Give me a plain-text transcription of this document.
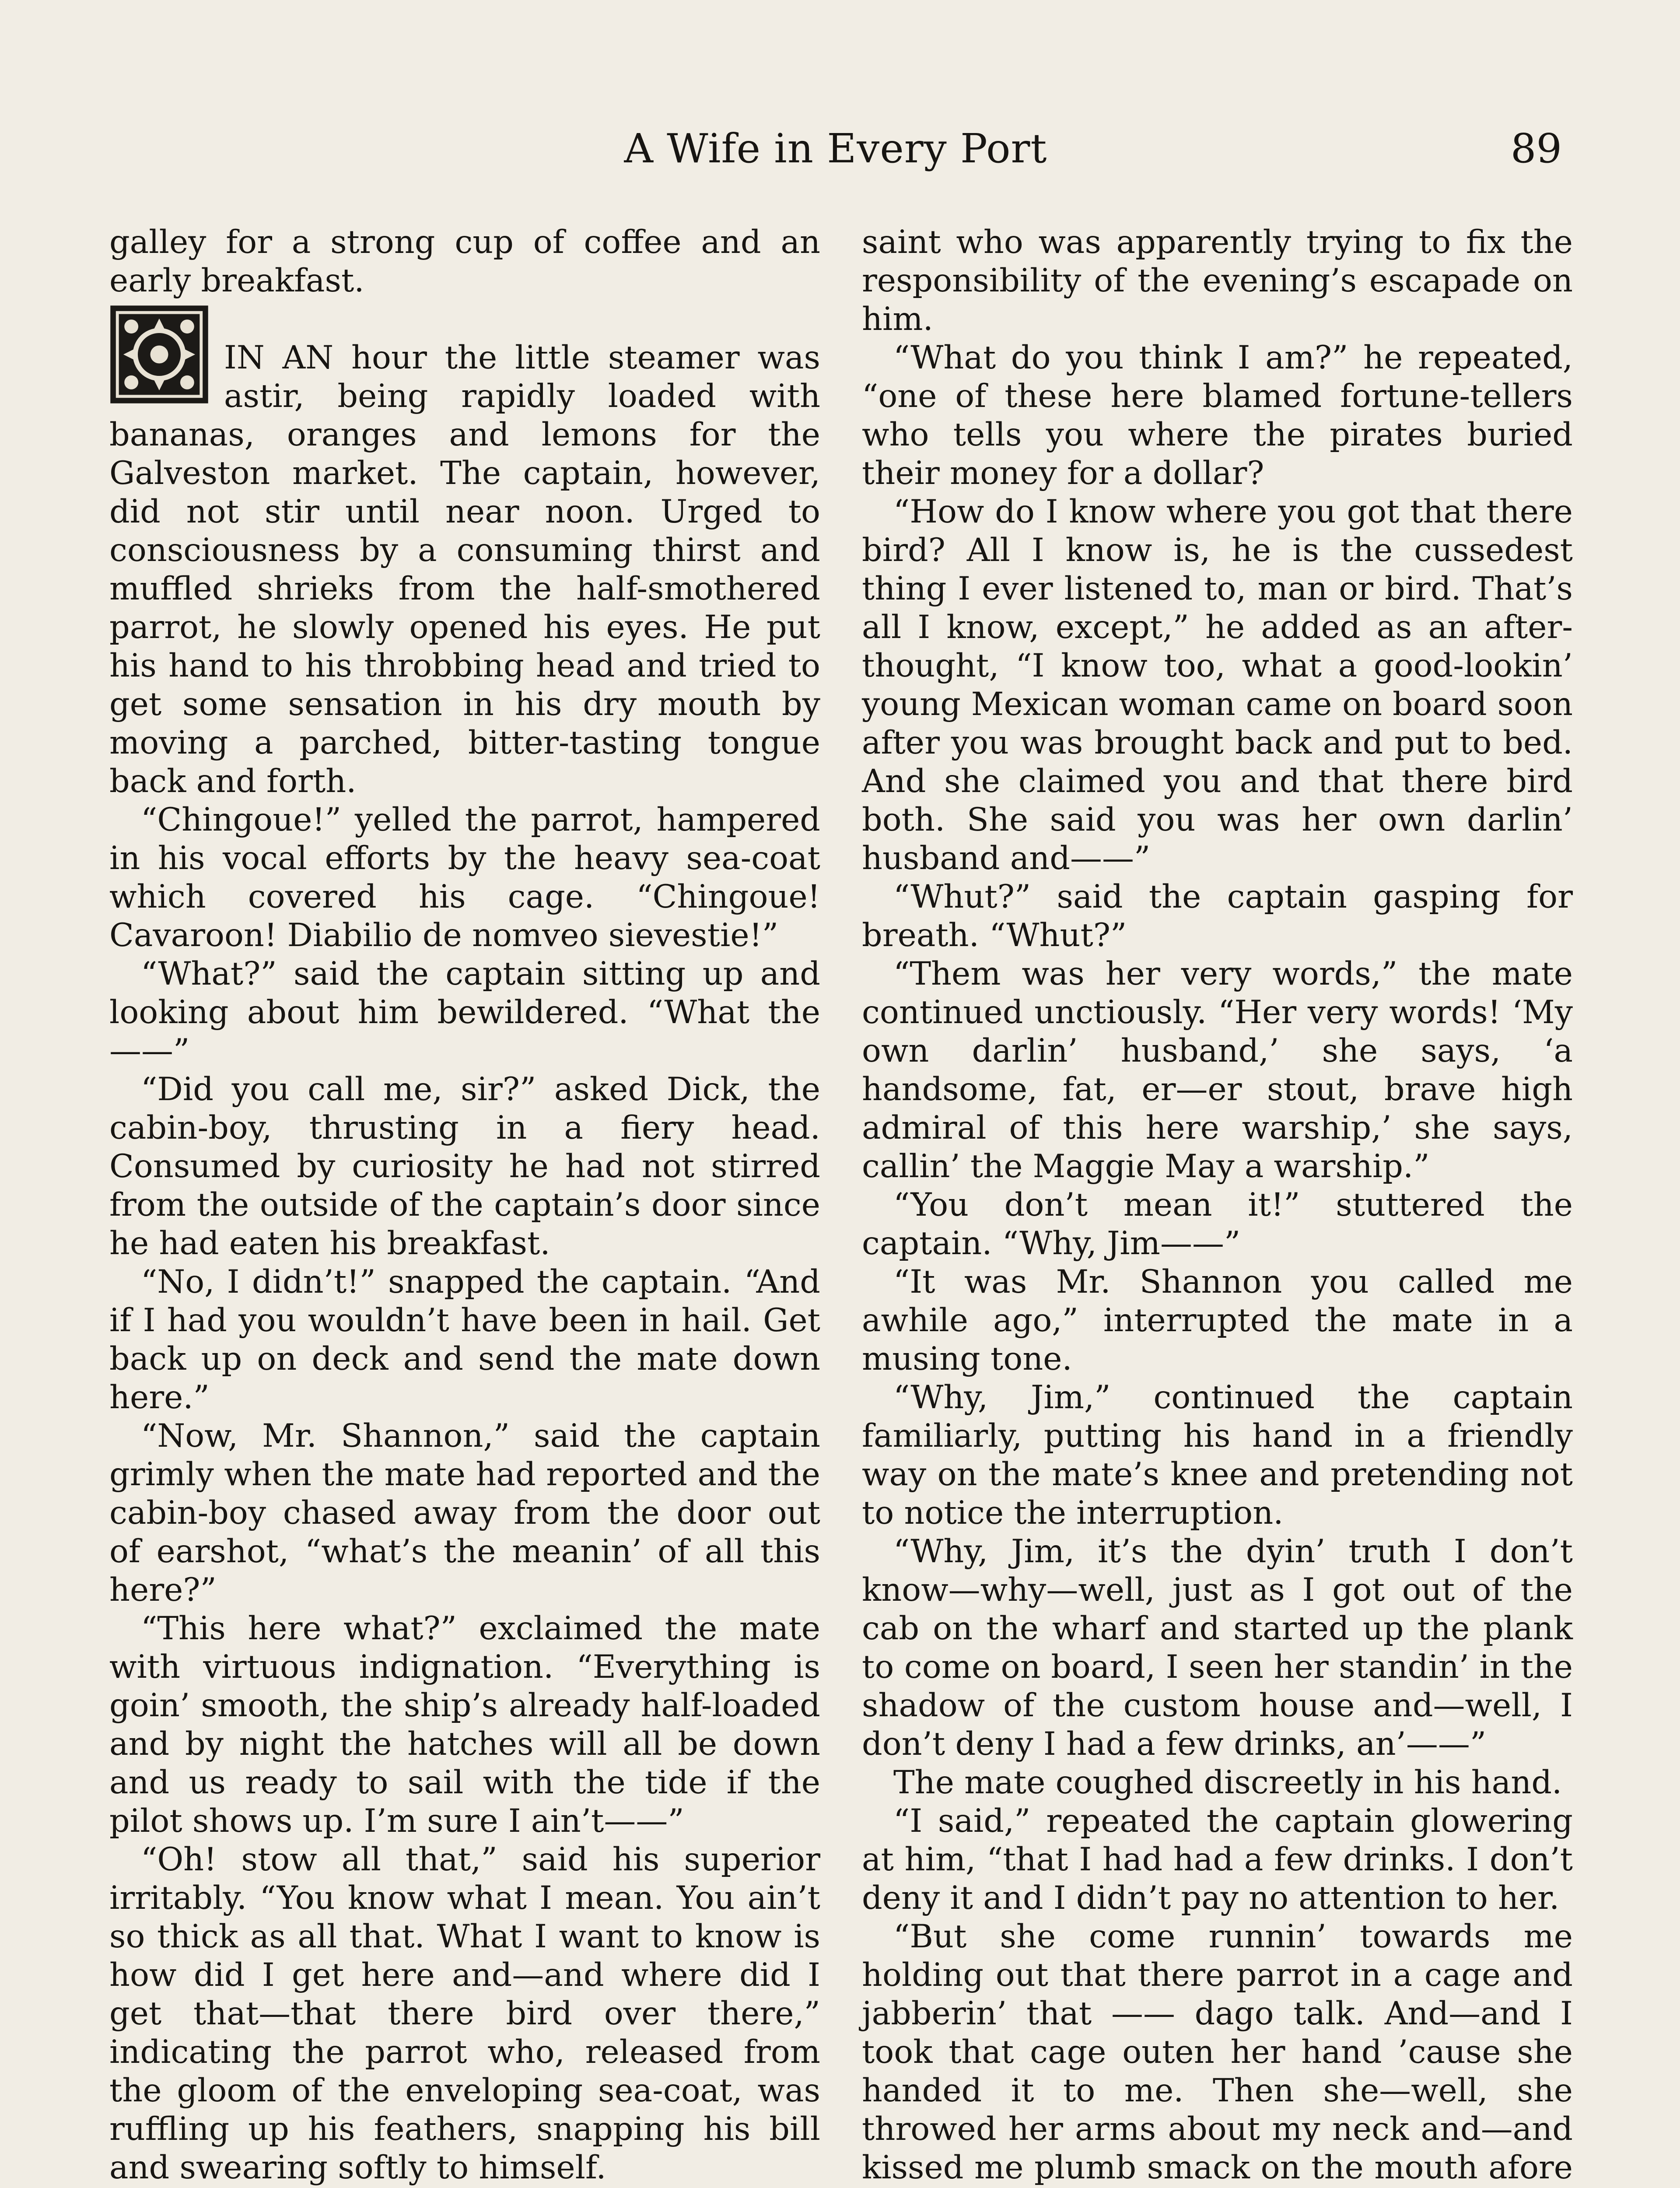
A Wife in Every Port	89

galley for a strong cup of coffee and an early breakfast.

IN AN hour the little steamer was astir, being rapidly loaded with bananas, oranges and lemons for the Galveston market. The captain, however, did not stir until near noon. Urged to consciousness by a consuming thirst and muffled shrieks from the half-smothered parrot, he slowly opened his eyes. He put his hand to his throbbing head and tried to get some sensation in his dry mouth by moving a parched, bitter-tasting tongue back and forth.

“Chingoue!” yelled the parrot, hampered in his vocal efforts by the heavy sea-coat which covered his cage. “Chingoue! Cavaroon! Diabilio de nomveo sievestie!”

“What?” said the captain sitting up and looking about him bewildered. “What the——”

“Did you call me, sir?” asked Dick, the cabin-boy, thrusting in a fiery head. Consumed by curiosity he had not stirred from the outside of the captain’s door since he had eaten his breakfast.

“No, I didn’t!” snapped the captain. “And if I had you wouldn’t have been in hail. Get back up on deck and send the mate down here.”

“Now, Mr. Shannon,” said the captain grimly when the mate had reported and the cabin-boy chased away from the door out of earshot, “what’s the meanin’ of all this here?”

“This here what?” exclaimed the mate with virtuous indignation. “Everything is goin’ smooth, the ship’s already half-loaded and by night the hatches will all be down and us ready to sail with the tide if the pilot shows up. I’m sure I ain’t——”

“Oh! stow all that,” said his superior irritably. “You know what I mean. You ain’t so thick as all that. What I want to know is how did I get here and—and where did I get that—that there bird over there,” indicating the parrot who, released from the gloom of the enveloping sea-coat, was ruffling up his feathers, snapping his bill and swearing softly to himself.

saint who was apparently trying to fix the responsibility of the evening’s escapade on him.

“What do you think I am?” he repeated, “one of these here blamed fortune-tellers who tells you where the pirates buried their money for a dollar?

“How do I know where you got that there bird? All I know is, he is the cussedest thing I ever listened to, man or bird. That’s all I know, except,” he added as an after-thought, “I know too, what a good-lookin’ young Mexican woman came on board soon after you was brought back and put to bed. And she claimed you and that there bird both. She said you was her own darlin’ husband and——”

“Whut?” said the captain gasping for breath. “Whut?”

“Them was her very words,” the mate continued unctiously. “Her very words! ‘My own darlin’ husband,’ she says, ‘a handsome, fat, er—er stout, brave high admiral of this here warship,’ she says, callin’ the Maggie May a warship.”

“You don’t mean it!” stuttered the captain. “Why, Jim——”

“It was Mr. Shannon you called me awhile ago,” interrupted the mate in a musing tone.

“Why, Jim,” continued the captain familiarly, putting his hand in a friendly way on the mate’s knee and pretending not to notice the interruption.

“Why, Jim, it’s the dyin’ truth I don’t know—why—well, just as I got out of the cab on the wharf and started up the plank to come on board, I seen her standin’ in the shadow of the custom house and—well, I don’t deny I had a few drinks, an’——”

The mate coughed discreetly in his hand.

“I said,” repeated the captain glowering at him, “that I had had a few drinks. I don’t deny it and I didn’t pay no attention to her.

“But she come runnin’ towards me holding out that there parrot in a cage and jabberin’ that —— dago talk. And—and I took that cage outen her hand ’cause she handed it to me. Then she—well, she throwed her arms about my neck and—and kissed me plumb smack on the mouth afore
